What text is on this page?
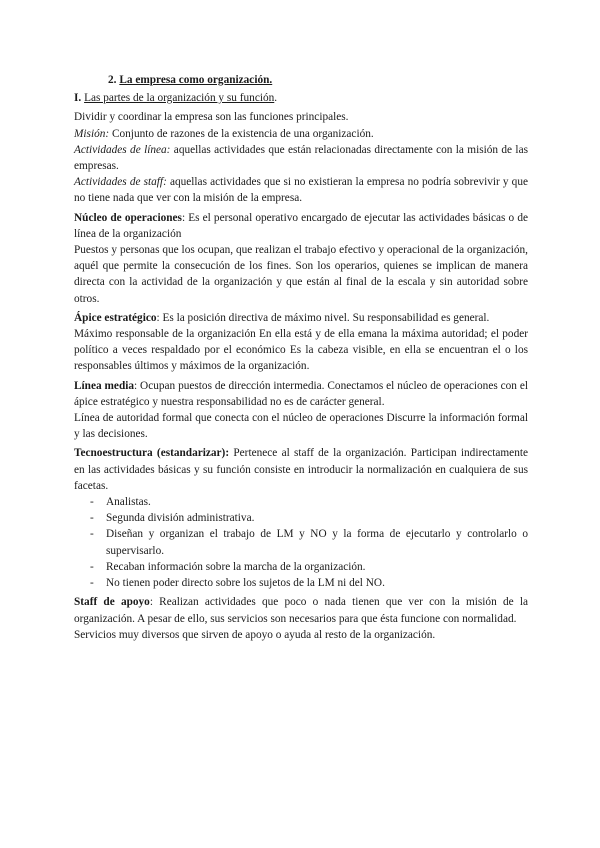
2. La empresa como organización.

I. Las partes de la organización y su función.

Dividir y coordinar la empresa son las funciones principales.

Misión: Conjunto de razones de la existencia de una organización.

Actividades de línea: aquellas actividades que están relacionadas directamente con la misión de las empresas.

Actividades de staff: aquellas actividades que si no existieran la empresa no podría sobrevivir y que no tiene nada que ver con la misión de la empresa.

Núcleo de operaciones: Es el personal operativo encargado de ejecutar las actividades básicas o de línea de la organización

Puestos y personas que los ocupan, que realizan el trabajo efectivo y operacional de la organización, aquél que permite la consecución de los fines. Son los operarios, quienes se implican de manera directa con la actividad de la organización y que están al final de la escala y sin autoridad sobre otros.

Ápice estratégico: Es la posición directiva de máximo nivel. Su responsabilidad es general.

Máximo responsable de la organización En ella está y de ella emana la máxima autoridad; el poder político a veces respaldado por el económico Es la cabeza visible, en ella se encuentran el o los responsables últimos y máximos de la organización.

Línea media: Ocupan puestos de dirección intermedia. Conectamos el núcleo de operaciones con el ápice estratégico y nuestra responsabilidad no es de carácter general.

Línea de autoridad formal que conecta con el núcleo de operaciones Discurre la información formal y las decisiones.

Tecnoestructura (estandarizar): Pertenece al staff de la organización. Participan indirectamente en las actividades básicas y su función consiste en introducir la normalización en cualquiera de sus facetas.

- Analistas.
- Segunda división administrativa.
- Diseñan y organizan el trabajo de LM y NO y la forma de ejecutarlo y controlarlo o supervisarlo.
- Recaban información sobre la marcha de la organización.
- No tienen poder directo sobre los sujetos de la LM ni del NO.

Staff de apoyo: Realizan actividades que poco o nada tienen que ver con la misión de la organización. A pesar de ello, sus servicios son necesarios para que ésta funcione con normalidad.

Servicios muy diversos que sirven de apoyo o ayuda al resto de la organización.
